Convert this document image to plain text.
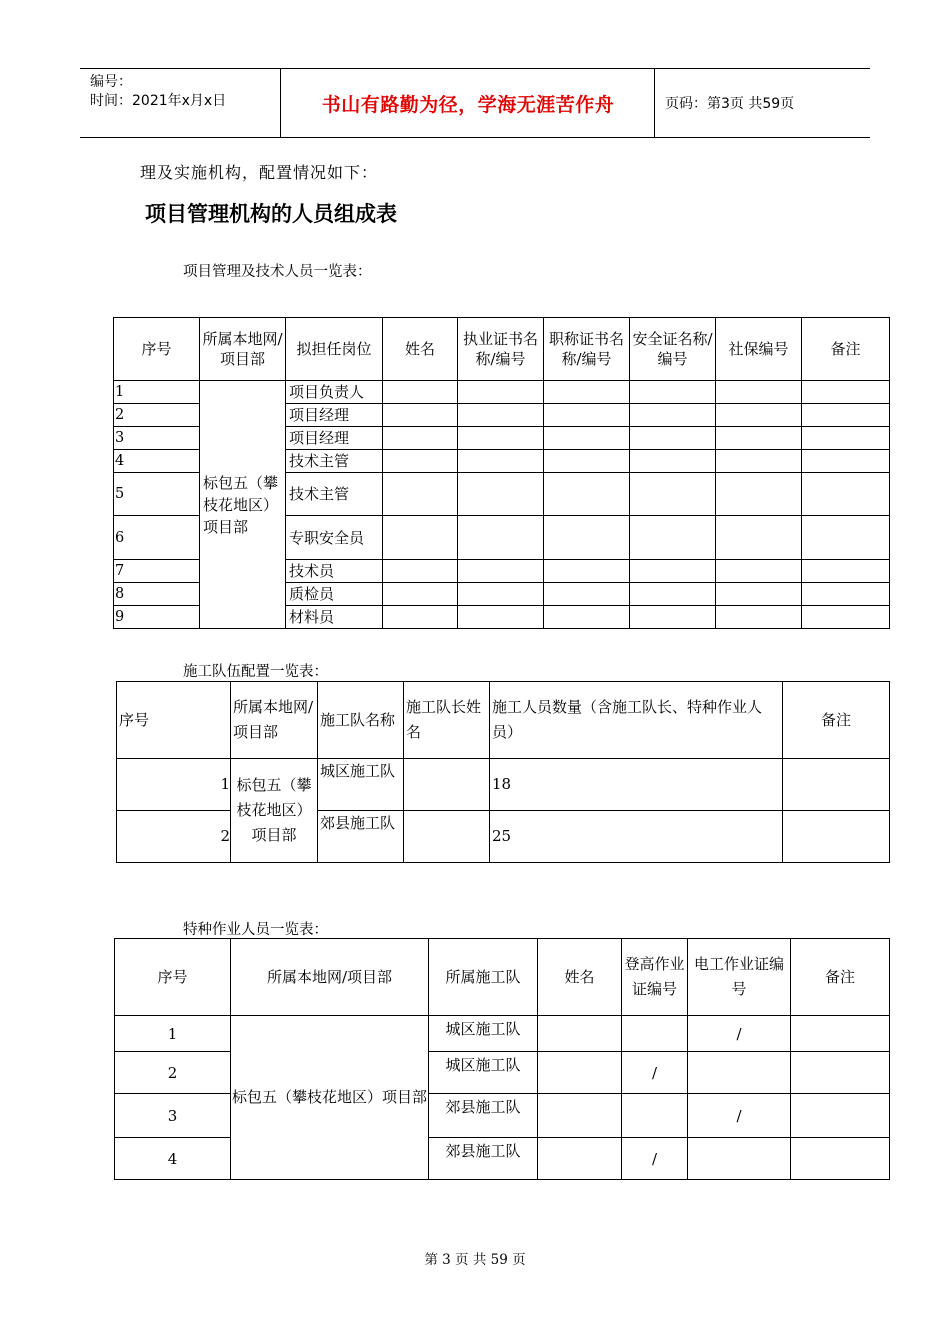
编号：
时间：2021年x月x日	书山有路勤为径，学海无涯苦作舟	页码：第3页 共59页
理及实施机构，配置情况如下：
项目管理机构的人员组成表
项目管理及技术人员一览表：
序号	所属本地网/项目部	拟担任岗位	姓名	执业证书名称/编号	职称证书名称/编号	安全证名称/编号	社保编号	备注
1	标包五（攀枝花地区）项目部	项目负责人						
2		项目经理						
3		项目经理						
4		技术主管						
5		技术主管						
6		专职安全员						
7		技术员						
8		质检员						
9		材料员						
施工队伍配置一览表：
序号	所属本地网/项目部	施工队名称	施工队长姓名	施工人员数量（含施工队长、特种作业人员）	备注
1	标包五（攀枝花地区）项目部	城区施工队		18	
2		郊县施工队		25	
特种作业人员一览表：
序号	所属本地网/项目部	所属施工队	姓名	登高作业证编号	电工作业证编号	备注
1	标包五（攀枝花地区）项目部	城区施工队			/	
2		城区施工队		/		
3		郊县施工队			/	
4		郊县施工队		/		
第 3 页 共 59 页
